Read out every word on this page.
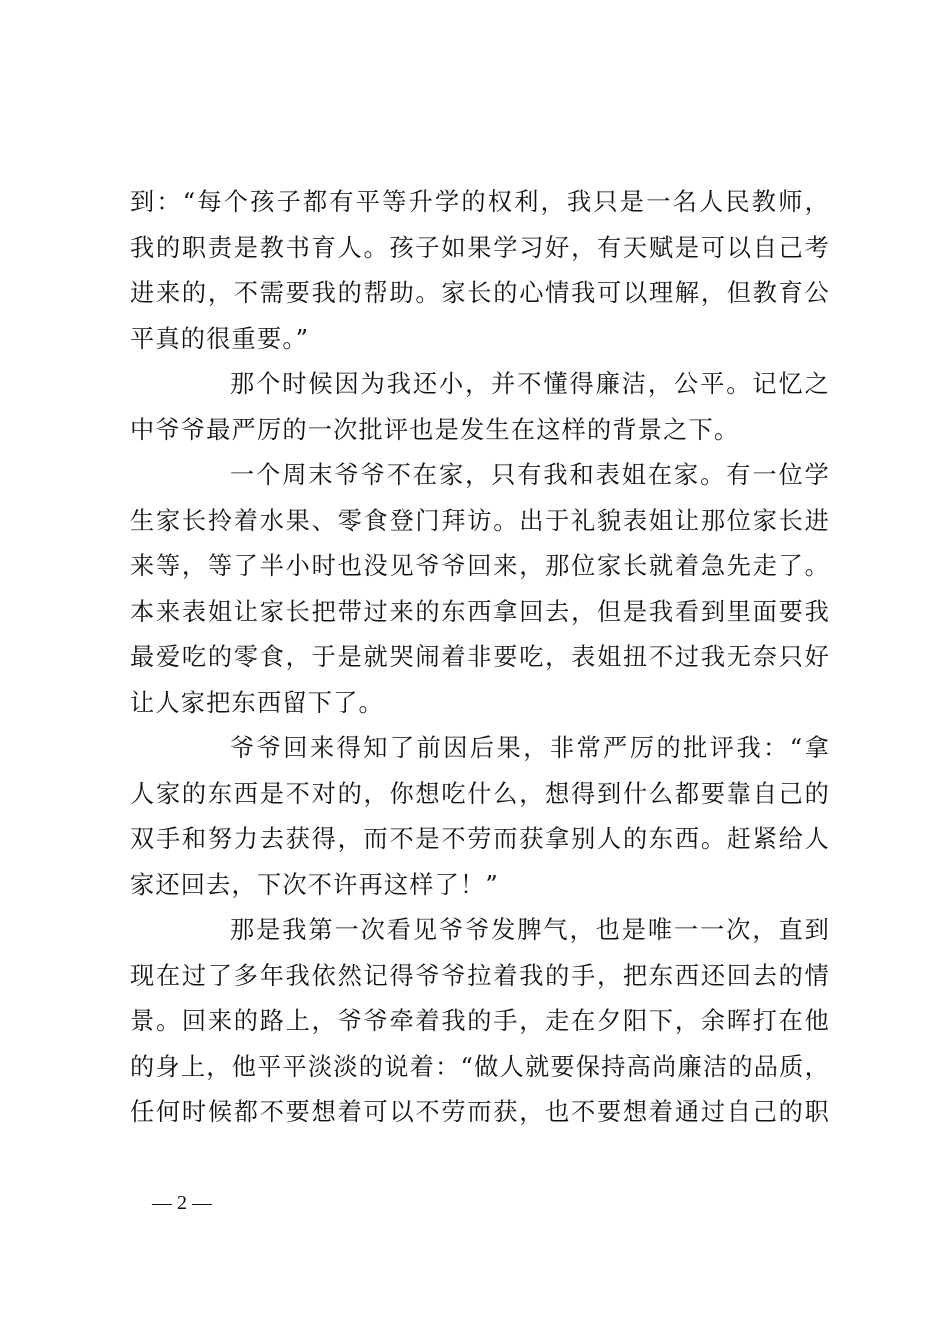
到：“每个孩子都有平等升学的权利，我只是一名人民教师，
我的职责是教书育人。孩子如果学习好，有天赋是可以自己考
进来的，不需要我的帮助。家长的心情我可以理解，但教育公
平真的很重要。”
那个时候因为我还小，并不懂得廉洁，公平。记忆之
中爷爷最严厉的一次批评也是发生在这样的背景之下。
一个周末爷爷不在家，只有我和表姐在家。有一位学
生家长拎着水果、零食登门拜访。出于礼貌表姐让那位家长进
来等，等了半小时也没见爷爷回来，那位家长就着急先走了。
本来表姐让家长把带过来的东西拿回去，但是我看到里面要我
最爱吃的零食，于是就哭闹着非要吃，表姐扭不过我无奈只好
让人家把东西留下了。
爷爷回来得知了前因后果，非常严厉的批评我：“拿
人家的东西是不对的，你想吃什么，想得到什么都要靠自己的
双手和努力去获得，而不是不劳而获拿别人的东西。赶紧给人
家还回去，下次不许再这样了！”
那是我第一次看见爷爷发脾气，也是唯一一次，直到
现在过了多年我依然记得爷爷拉着我的手，把东西还回去的情
景。回来的路上，爷爷牵着我的手，走在夕阳下，余晖打在他
的身上，他平平淡淡的说着：“做人就要保持高尚廉洁的品质，
任何时候都不要想着可以不劳而获，也不要想着通过自己的职
— 2 —
